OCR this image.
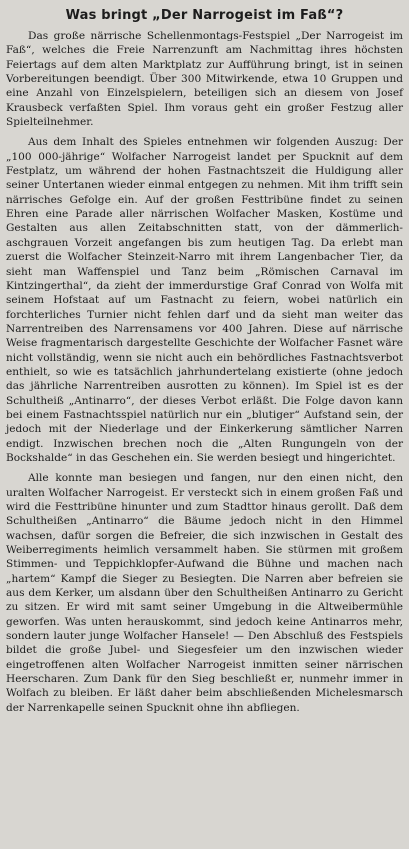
Was bringt „Der Narrogeist im Faß“?

Das große närrische Schellenmontags-Festspiel „Der Narrogeist im Faß“, welches die Freie Narrenzunft am Nachmittag ihres höchsten Feiertags auf dem alten Marktplatz zur Aufführung bringt, ist in seinen Vorbereitungen beendigt. Über 300 Mitwirkende, etwa 10 Gruppen und eine Anzahl von Einzelspielern, beteiligen sich an diesem von Josef Krausbeck verfaßten Spiel. Ihm voraus geht ein großer Festzug aller Spielteilnehmer.

Aus dem Inhalt des Spieles entnehmen wir folgenden Auszug: Der „100 000-jährige“ Wolfacher Narrogeist landet per Spucknit auf dem Festplatz, um während der hohen Fastnachtszeit die Huldigung aller seiner Untertanen wieder einmal entgegen zu nehmen. Mit ihm trifft sein närrisches Gefolge ein. Auf der großen Festtribüne findet zu seinen Ehren eine Parade aller närrischen Wolfacher Masken, Kostüme und Gestalten aus allen Zeitabschnitten statt, von der dämmerlich-aschgrauen Vorzeit angefangen bis zum heutigen Tag. Da erlebt man zuerst die Wolfacher Steinzeit-Narro mit ihrem Langenbacher Tier, da sieht man Waffenspiel und Tanz beim „Römischen Carnaval im Kintzingerthal“, da zieht der immerdurstige Graf Conrad von Wolfa mit seinem Hofstaat auf um Fastnacht zu feiern, wobei natürlich ein forchterliches Turnier nicht fehlen darf und da sieht man weiter das Narrentreiben des Narrensamens vor 400 Jahren. Diese auf närrische Weise fragmentarisch dargestellte Geschichte der Wolfacher Fasnet wäre nicht vollständig, wenn sie nicht auch ein behördliches Fastnachtsverbot enthielt, so wie es tatsächlich jahrhundertelang existierte (ohne jedoch das jährliche Narrentreiben ausrotten zu können). Im Spiel ist es der Schultheiß „Antinarro“, der dieses Verbot erläßt. Die Folge davon kann bei einem Fastnachtsspiel natürlich nur ein „blutiger“ Aufstand sein, der jedoch mit der Niederlage und der Einkerkerung sämtlicher Narren endigt. Inzwischen brechen noch die „Alten Rungungeln von der Bockshalde“ in das Geschehen ein. Sie werden besiegt und hingerichtet.

Alle konnte man besiegen und fangen, nur den einen nicht, den uralten Wolfacher Narrogeist. Er versteckt sich in einem großen Faß und wird die Festtribüne hinunter und zum Stadttor hinaus gerollt. Daß dem Schultheißen „Antinarro“ die Bäume jedoch nicht in den Himmel wachsen, dafür sorgen die Befreier, die sich inzwischen in Gestalt des Weiberregiments heimlich versammelt haben. Sie stürmen mit großem Stimmen- und Teppichklopfer-Aufwand die Bühne und machen nach „hartem“ Kampf die Sieger zu Besiegten. Die Narren aber befreien sie aus dem Kerker, um alsdann über den Schultheißen Antinarro zu Gericht zu sitzen. Er wird mit samt seiner Umgebung in die Altweibermühle geworfen. Was unten herauskommt, sind jedoch keine Antinarros mehr, sondern lauter junge Wolfacher Hansele! — Den Abschluß des Festspiels bildet die große Jubel- und Siegesfeier um den inzwischen wieder eingetroffenen alten Wolfacher Narrogeist inmitten seiner närrischen Heerscharen. Zum Dank für den Sieg beschließt er, nunmehr immer in Wolfach zu bleiben. Er läßt daher beim abschließenden Michelesmarsch der Narrenkapelle seinen Spucknit ohne ihn abfliegen.
